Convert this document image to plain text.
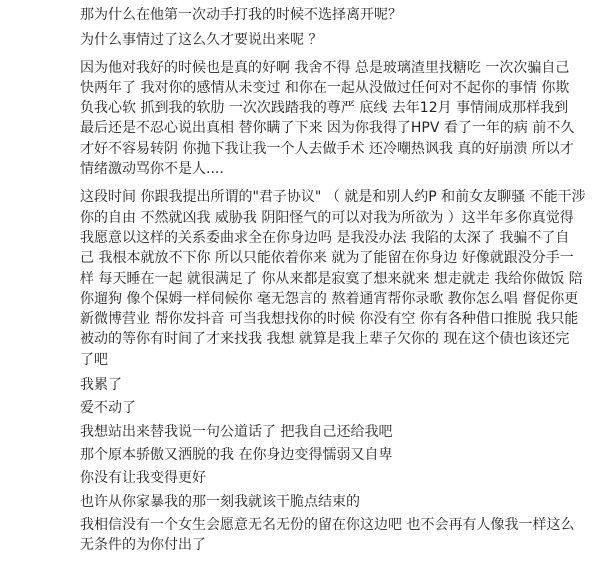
那为什么在他第一次动手打我的时候不选择离开呢？
为什么事情过了这么久才要说出来呢 ？
因为他对我好的时候也是真的好啊 我舍不得 总是玻璃渣里找糖吃 一次次骗自己
快两年了 我对你的感情从未变过 和你在一起从没做过任何对不起你的事情 你欺
负我心软 抓到我的软肋 一次次践踏我的尊严 底线 去年12月 事情闹成那样我到
最后还是不忍心说出真相 替你瞒了下来 因为你我得了HPV 看了一年的病 前不久
才好不容易转阴 你抛下我让我一个人去做手术 还冷嘲热讽我 真的好崩溃 所以才
情绪激动骂你不是人....
这段时间 你跟我提出所谓的"君子协议" （ 就是和别人约P 和前女友聊骚 不能干涉
你的自由 不然就凶我 威胁我 阴阳怪气的可以对我为所欲为 ）这半年多你真觉得
我愿意以这样的关系委曲求全在你身边吗 是我没办法 我陷的太深了 我骗不了自
己 我根本就放不下你 所以只能依着你来 就为了能留在你身边 好像就跟没分手一
样 每天睡在一起 就很满足了 你从来都是寂寞了想来就来 想走就走 我给你做饭 陪
你遛狗 像个保姆一样伺候你 毫无怨言的 熬着通宵帮你录歌 教你怎么唱 督促你更
新微博营业 帮你发抖音 可当我想找你的时候 你没有空 你有各种借口推脱 我只能
被动的等你有时间了才来找我 我想 就算是我上辈子欠你的 现在这个债也该还完
了吧
我累了
爱不动了
我想站出来替我说一句公道话了 把我自己还给我吧
那个原本骄傲又洒脱的我 在你身边变得懦弱又自卑
你没有让我变得更好
也许从你家暴我的那一刻我就该干脆点结束的
我相信没有一个女生会愿意无名无份的留在你这边吧 也不会再有人像我一样这么
无条件的为你付出了
